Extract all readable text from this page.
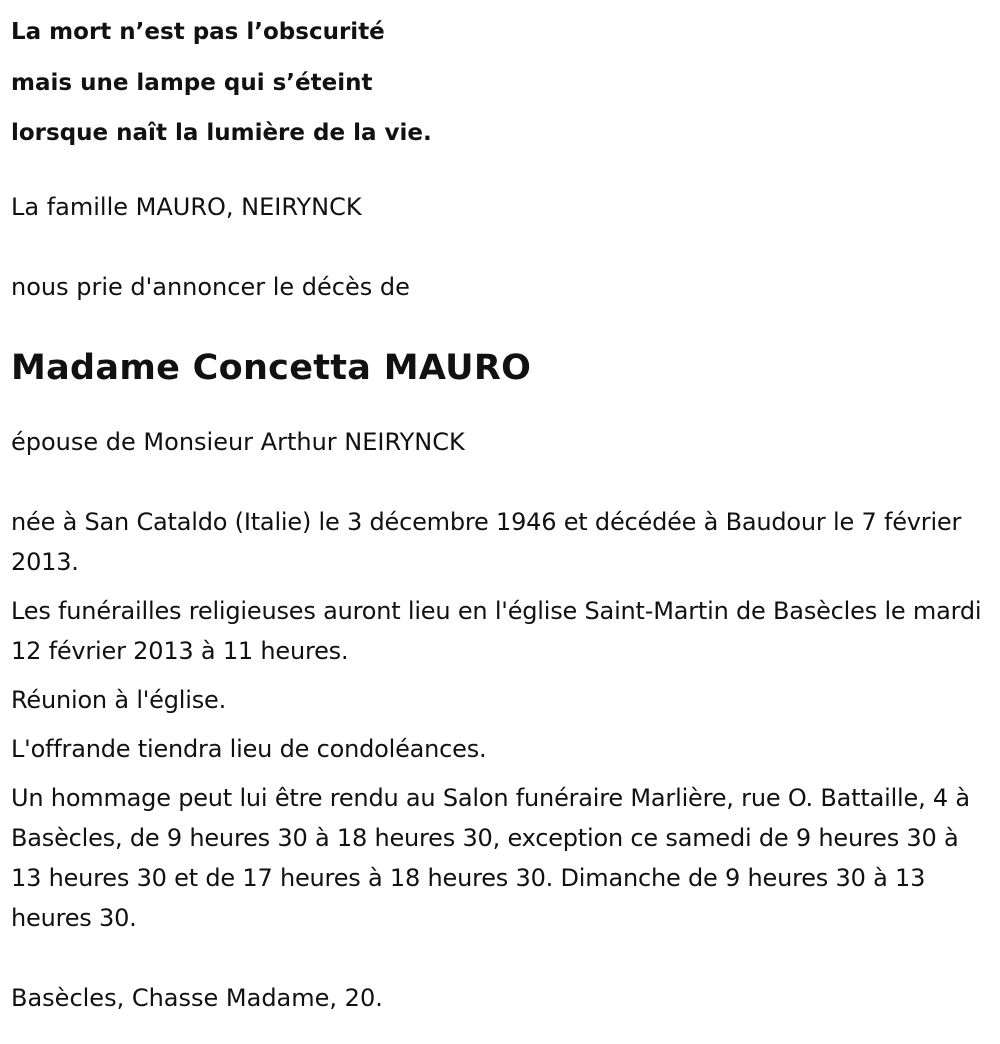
La mort n’est pas l’obscurité

mais une lampe qui s’éteint

lorsque naît la lumière de la vie.

La famille MAURO, NEIRYNCK

nous prie d'annoncer le décès de

Madame Concetta MAURO

épouse de Monsieur Arthur NEIRYNCK

née à San Cataldo (Italie) le 3 décembre 1946 et décédée à Baudour le 7 février 2013.

Les funérailles religieuses auront lieu en l'église Saint-Martin de Basècles le mardi 12 février 2013 à 11 heures.

Réunion à l'église.

L'offrande tiendra lieu de condoléances.

Un hommage peut lui être rendu au Salon funéraire Marlière, rue O. Battaille, 4 à Basècles, de 9 heures 30 à 18 heures 30, exception ce samedi de 9 heures 30 à 13 heures 30 et de 17 heures à 18 heures 30. Dimanche de 9 heures 30 à 13 heures 30.

Basècles, Chasse Madame, 20.
